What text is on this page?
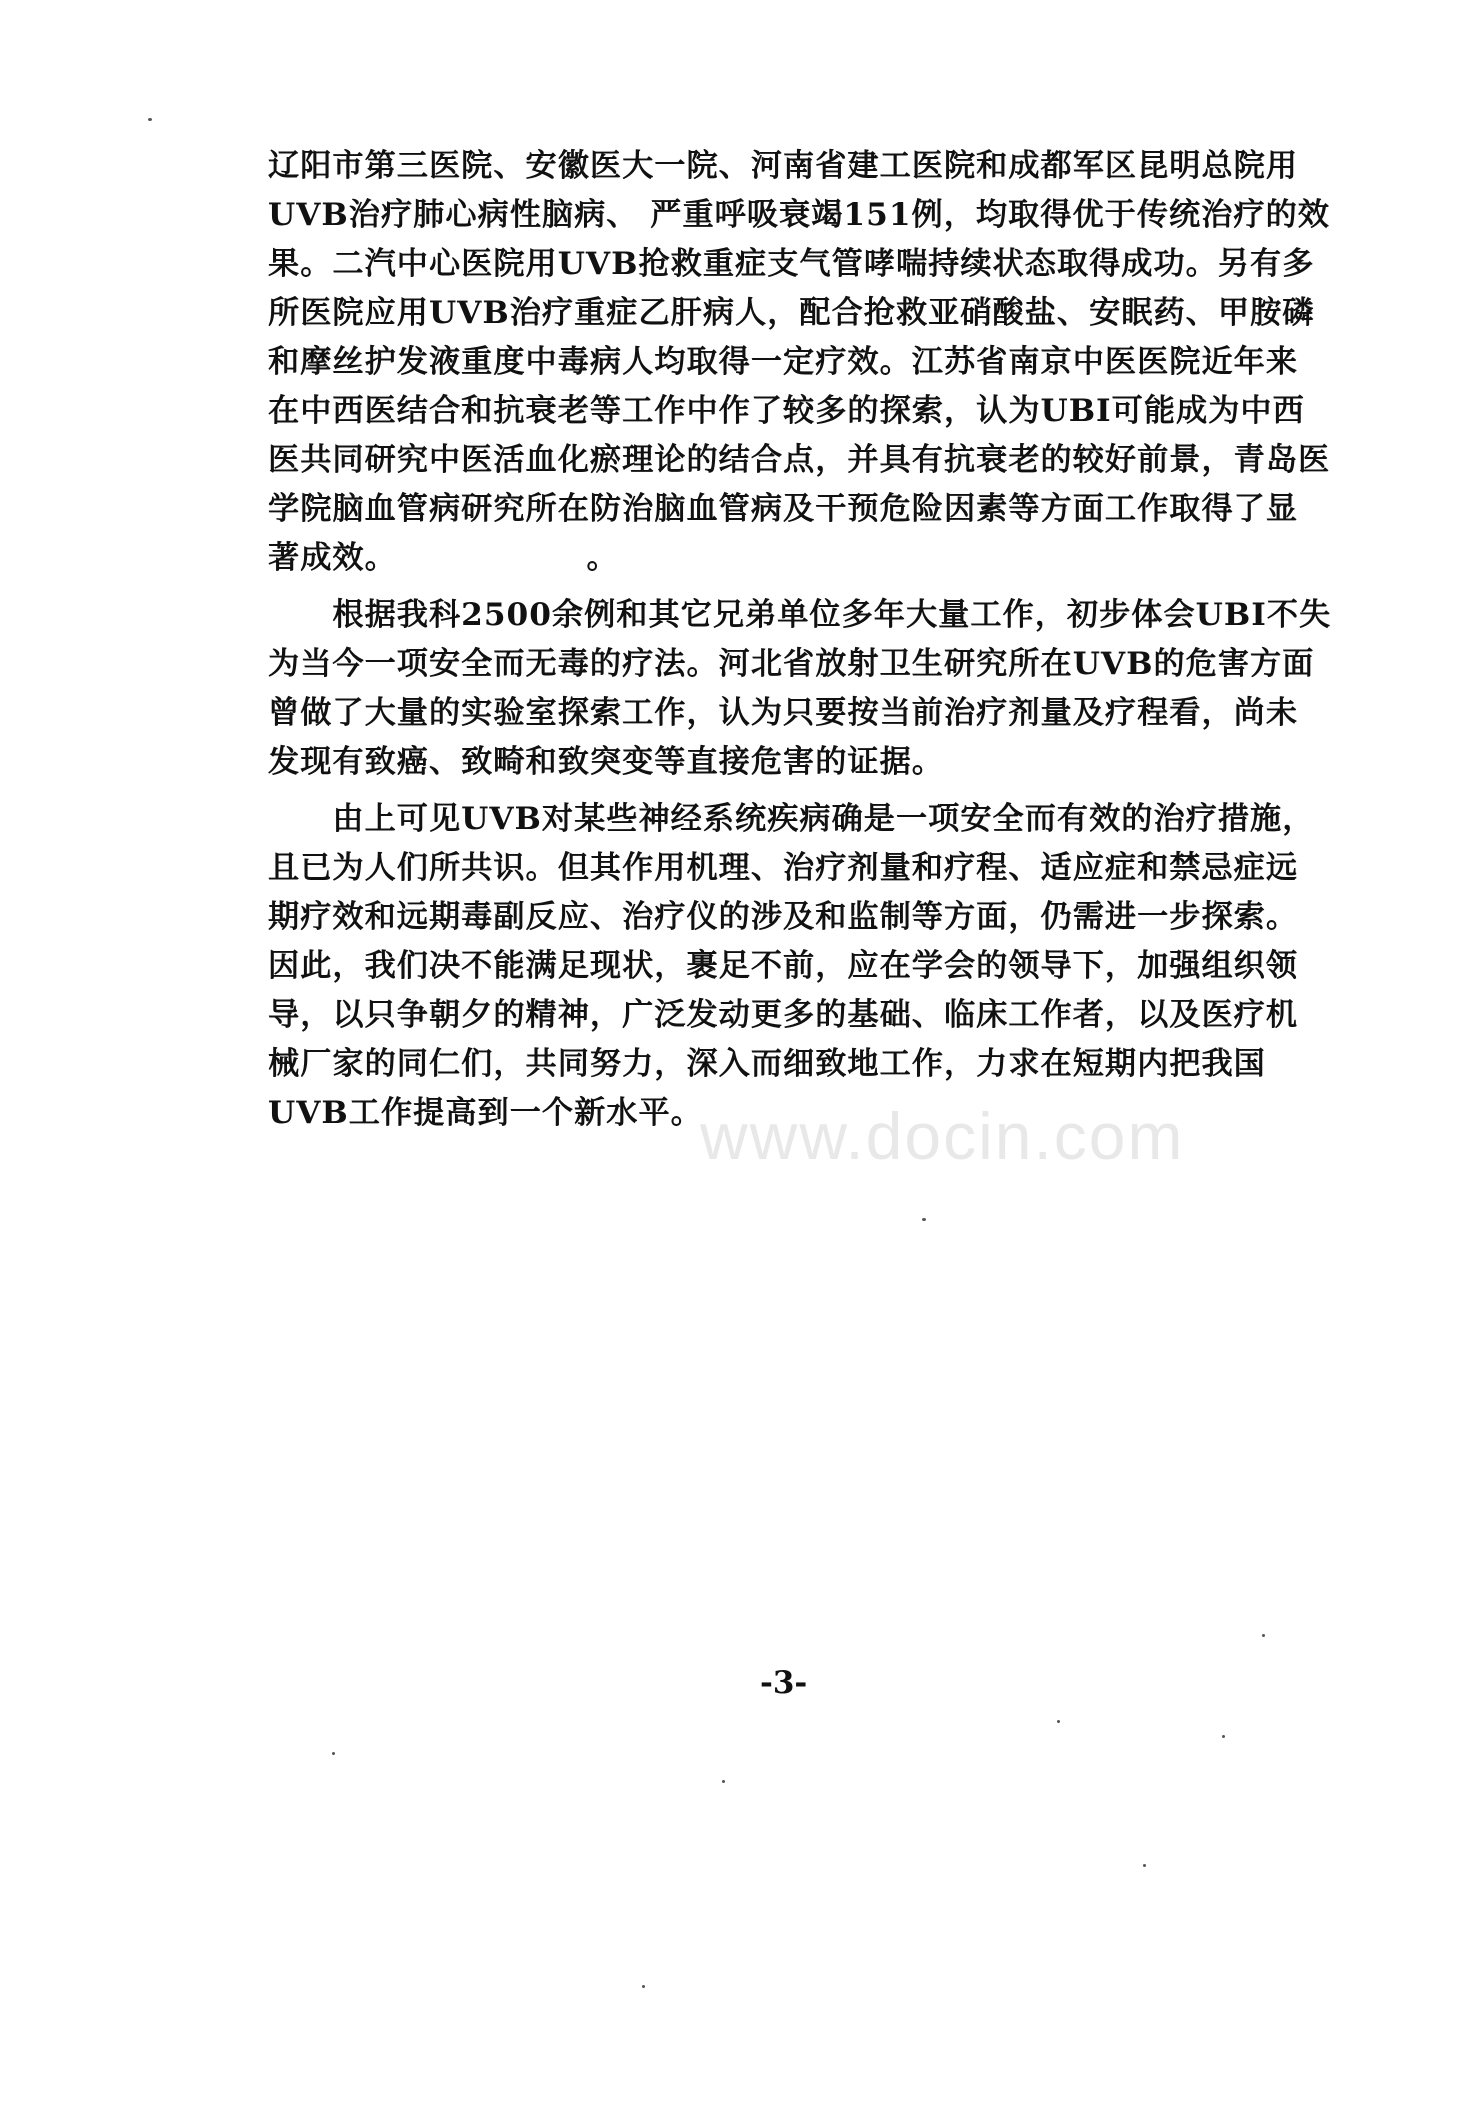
辽阳市第三医院、安徽医大一院、河南省建工医院和成都军区昆明总院用
UVB治疗肺心病性脑病、 严重呼吸衰竭151例，均取得优于传统治疗的效
果。二汽中心医院用UVB抢救重症支气管哮喘持续状态取得成功。另有多
所医院应用UVB治疗重症乙肝病人，配合抢救亚硝酸盐、安眠药、甲胺磷
和摩丝护发液重度中毒病人均取得一定疗效。江苏省南京中医医院近年来
在中西医结合和抗衰老等工作中作了较多的探索，认为UBI可能成为中西
医共同研究中医活血化瘀理论的结合点，并具有抗衰老的较好前景，青岛医
学院脑血管病研究所在防治脑血管病及干预危险因素等方面工作取得了显
著成效。                。
　　根据我科2500余例和其它兄弟单位多年大量工作，初步体会UBI不失
为当今一项安全而无毒的疗法。河北省放射卫生研究所在UVB的危害方面
曾做了大量的实验室探索工作，认为只要按当前治疗剂量及疗程看，尚未
发现有致癌、致畸和致突变等直接危害的证据。
　　由上可见UVB对某些神经系统疾病确是一项安全而有效的治疗措施，
且已为人们所共识。但其作用机理、治疗剂量和疗程、适应症和禁忌症远
期疗效和远期毒副反应、治疗仪的涉及和监制等方面，仍需进一步探索。
因此，我们决不能满足现状，裹足不前，应在学会的领导下，加强组织领
导，以只争朝夕的精神，广泛发动更多的基础、临床工作者，以及医疗机
械厂家的同仁们，共同努力，深入而细致地工作，力求在短期内把我国
UVB工作提高到一个新水平。
www.docin.com
-3-
